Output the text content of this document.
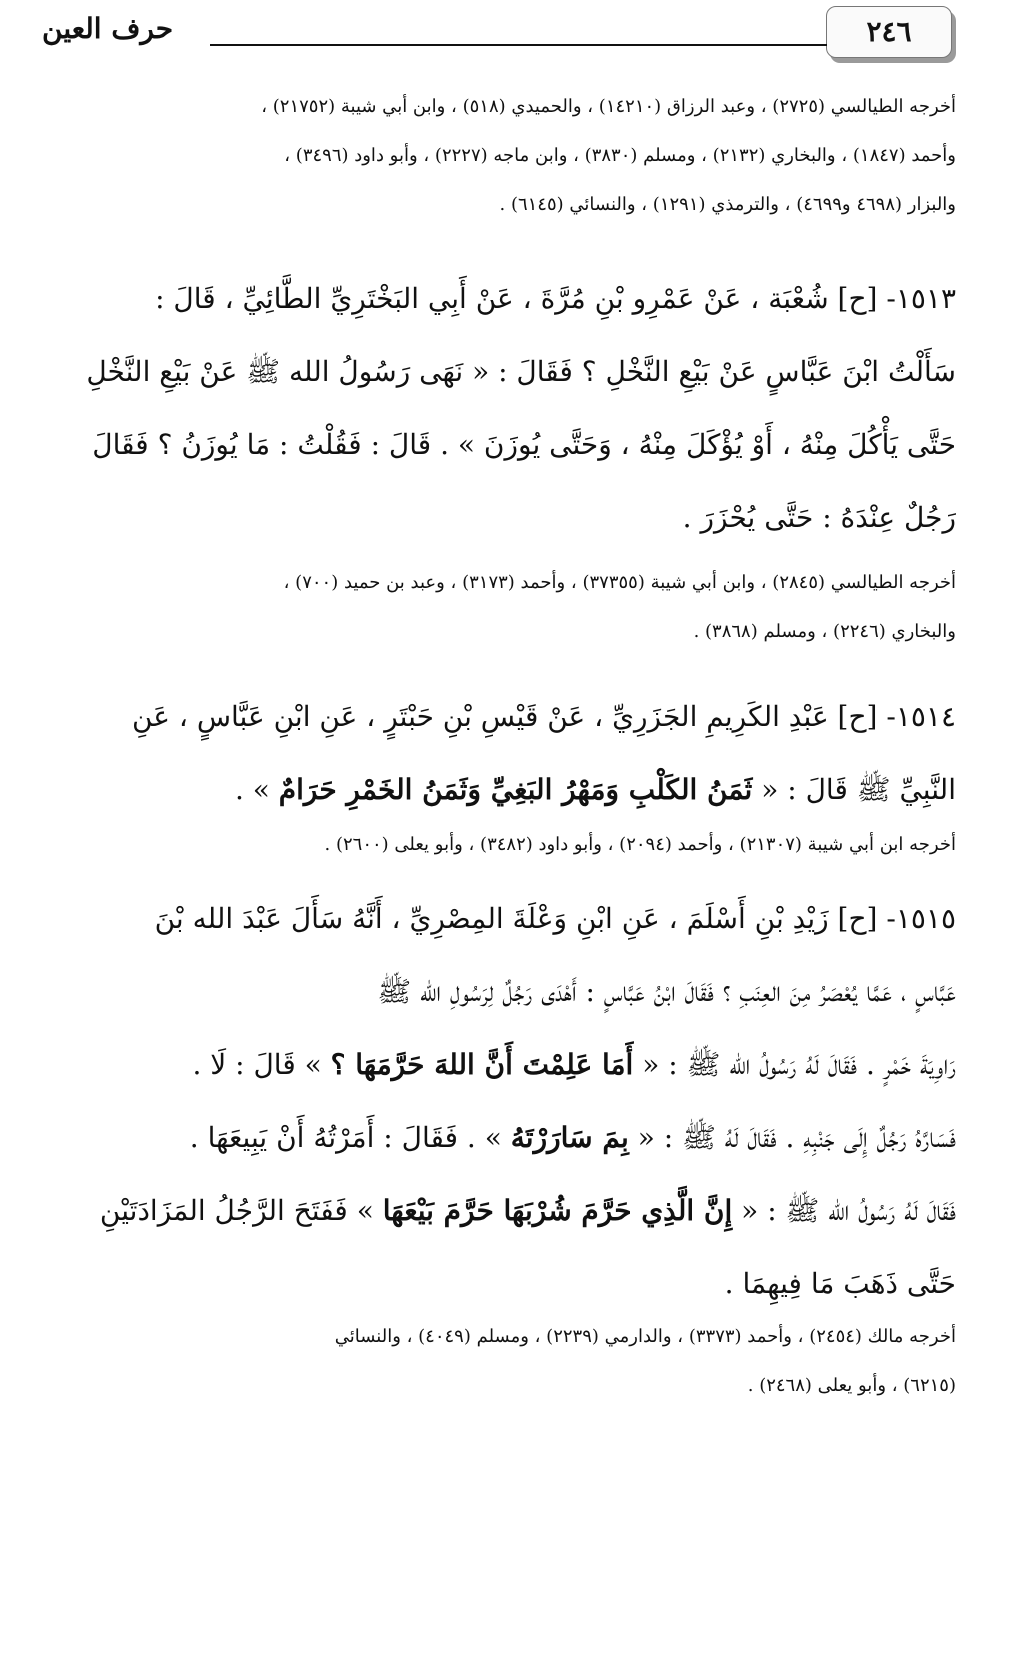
٢٤٦
حرف العين
أخرجه الطيالسي (٢٧٢٥) ، وعبد الرزاق (١٤٢١٠) ، والحميدي (٥١٨) ، وابن أبي شيبة (٢١٧٥٢) ،
وأحمد (١٨٤٧) ، والبخاري (٢١٣٢) ، ومسلم (٣٨٣٠) ، وابن ماجه (٢٢٢٧) ، وأبو داود (٣٤٩٦) ،
والبزار (٤٦٩٨ و٤٦٩٩) ، والترمذي (١٢٩١) ، والنسائي (٦١٤٥) .
١٥١٣- [ح] شُعْبَة ، عَنْ عَمْرِو بْنِ مُرَّةَ ، عَنْ أَبِي البَخْتَرِيِّ الطَّائِيِّ ، قَالَ :
سَأَلْتُ ابْنَ عَبَّاسٍ عَنْ بَيْعِ النَّخْلِ ؟ فَقَالَ : « نَهَى رَسُولُ الله ﷺ عَنْ بَيْعِ النَّخْلِ
حَتَّى يَأْكُلَ مِنْهُ ، أَوْ يُؤْكَلَ مِنْهُ ، وَحَتَّى يُوزَنَ » . قَالَ : فَقُلْتُ : مَا يُوزَنُ ؟ فَقَالَ
رَجُلٌ عِنْدَهُ : حَتَّى يُحْزَرَ .
أخرجه الطيالسي (٢٨٤٥) ، وابن أبي شيبة (٣٧٣٥٥) ، وأحمد (٣١٧٣) ، وعبد بن حميد (٧٠٠) ،
والبخاري (٢٢٤٦) ، ومسلم (٣٨٦٨) .
١٥١٤- [ح] عَبْدِ الكَرِيمِ الجَزَرِيِّ ، عَنْ قَيْسِ بْنِ حَبْتَرٍ ، عَنِ ابْنِ عَبَّاسٍ ، عَنِ
النَّبِيِّ ﷺ قَالَ : « ثَمَنُ الكَلْبِ وَمَهْرُ البَغِيِّ وَثَمَنُ الخَمْرِ حَرَامٌ » .
أخرجه ابن أبي شيبة (٢١٣٠٧) ، وأحمد (٢٠٩٤) ، وأبو داود (٣٤٨٢) ، وأبو يعلى (٢٦٠٠) .
١٥١٥- [ح] زَيْدِ بْنِ أَسْلَمَ ، عَنِ ابْنِ وَعْلَةَ المِصْرِيِّ ، أَنَّهُ سَأَلَ عَبْدَ الله بْنَ
عَبَّاسٍ ، عَمَّا يُعْصَرُ مِنَ العِنَبِ ؟ فَقَالَ ابْنُ عَبَّاسٍ : أَهْدَى رَجُلٌ لِرَسُولِ الله ﷺ
رَاوِيَةَ خَمْرٍ . فَقَالَ لَهُ رَسُولُ الله ﷺ : « أَمَا عَلِمْتَ أَنَّ اللهَ حَرَّمَهَا ؟ » قَالَ : لَا .
فَسَارَّهُ رَجُلٌ إِلَى جَنْبِهِ . فَقَالَ لَهُ ﷺ : « بِمَ سَارَرْتَهُ » . فَقَالَ : أَمَرْتُهُ أَنْ يَبِيعَهَا .
فَقَالَ لَهُ رَسُولُ الله ﷺ : « إِنَّ الَّذِي حَرَّمَ شُرْبَهَا حَرَّمَ بَيْعَهَا » فَفَتَحَ الرَّجُلُ المَزَادَتَيْنِ
حَتَّى ذَهَبَ مَا فِيهِمَا .
أخرجه مالك (٢٤٥٤) ، وأحمد (٣٣٧٣) ، والدارمي (٢٢٣٩) ، ومسلم (٤٠٤٩) ، والنسائي
(٦٢١٥) ، وأبو يعلى (٢٤٦٨) .
